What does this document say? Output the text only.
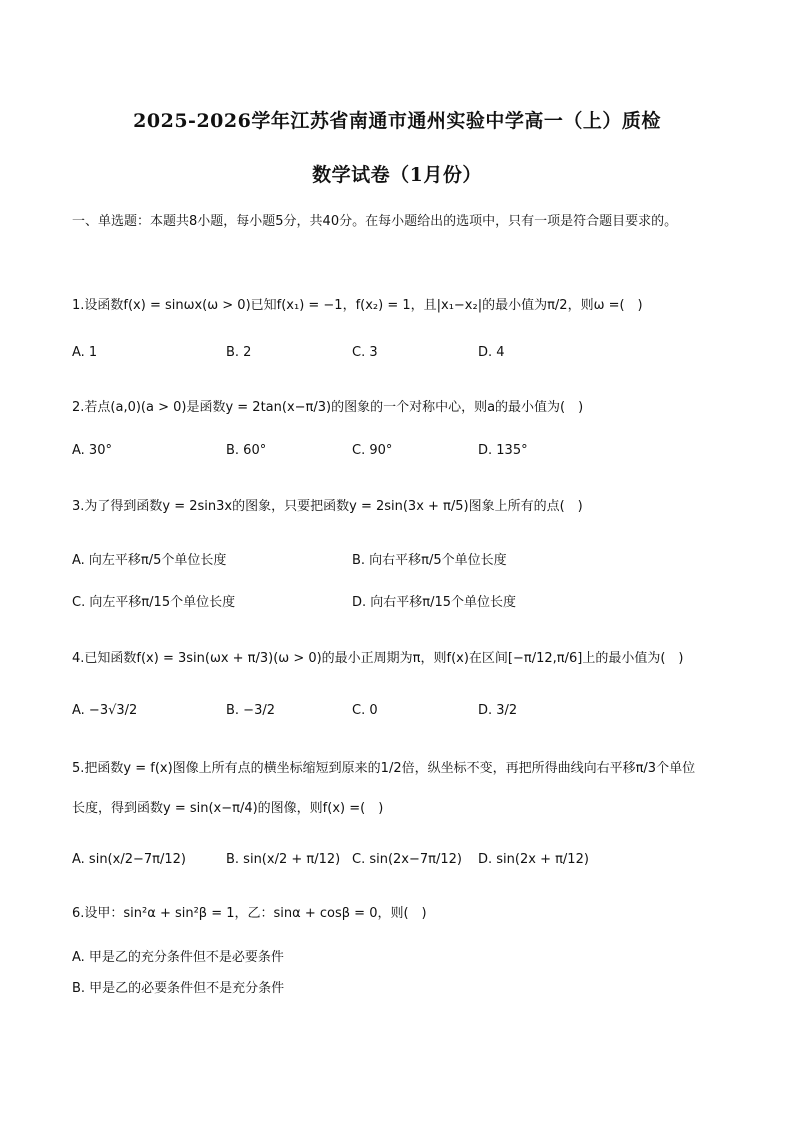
2025-2026学年江苏省南通市通州实验中学高一（上）质检
数学试卷（1月份）
一、单选题：本题共8小题，每小题5分，共40分。在每小题给出的选项中，只有一项是符合题目要求的。
1.设函数f(x) = sinωx(ω > 0)已知f(x₁) = −1，f(x₂) = 1，且|x₁−x₂|的最小值为π/2，则ω =(　)
A. 1	B. 2	C. 3	D. 4
2.若点(a,0)(a > 0)是函数y = 2tan(x−π/3)的图象的一个对称中心，则a的最小值为(　)
A. 30°	B. 60°	C. 90°	D. 135°
3.为了得到函数y = 2sin3x的图象，只要把函数y = 2sin(3x + π/5)图象上所有的点(　)
A. 向左平移π/5个单位长度	B. 向右平移π/5个单位长度
C. 向左平移π/15个单位长度	D. 向右平移π/15个单位长度
4.已知函数f(x) = 3sin(ωx + π/3)(ω > 0)的最小正周期为π，则f(x)在区间[−π/12,π/6]上的最小值为(　)
A. −3√3/2	B. −3/2	C. 0	D. 3/2
5.把函数y = f(x)图像上所有点的横坐标缩短到原来的1/2倍，纵坐标不变，再把所得曲线向右平移π/3个单位
长度，得到函数y = sin(x−π/4)的图像，则f(x) =(　)
A. sin(x/2−7π/12)	B. sin(x/2 + π/12) C. sin(2x−7π/12) D. sin(2x + π/12)
6.设甲：sin²α + sin²β = 1，乙：sinα + cosβ = 0，则(　)
A. 甲是乙的充分条件但不是必要条件
B. 甲是乙的必要条件但不是充分条件
